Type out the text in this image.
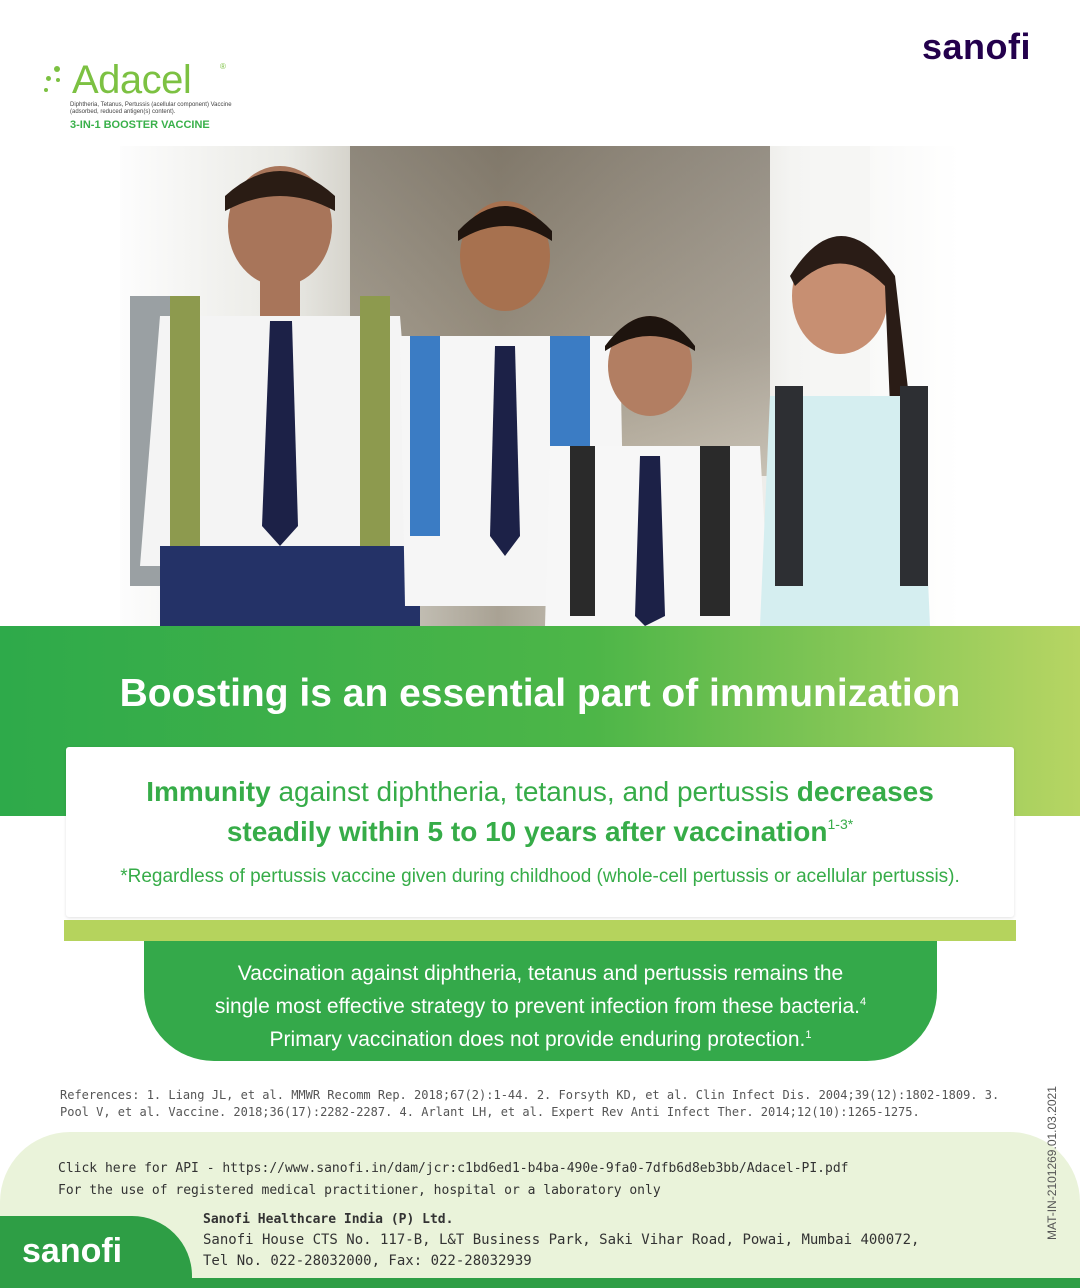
Adacel	®
Diphtheria, Tetanus, Pertussis (acellular component) Vaccine (adsorbed, reduced antigen(s) content).
3-IN-1 BOOSTER VACCINE
sanofi
Boosting is an essential part of immunization
Immunity against diphtheria, tetanus, and pertussis decreases
steadily within 5 to 10 years after vaccination$^{1-3*}$
*Regardless of pertussis vaccine given during childhood (whole-cell pertussis or acellular pertussis).
Vaccination against diphtheria, tetanus and pertussis remains the
single most effective strategy to prevent infection from these bacteria.$^4$
Primary vaccination does not provide enduring protection.$^1$
References: 1. Liang JL, et al. MMWR Recomm Rep. 2018;67(2):1-44. 2. Forsyth KD, et al. Clin Infect Dis. 2004;39(12):1802-1809. 3. Pool V, et al. Vaccine. 2018;36(17):2282-2287. 4. Arlant LH, et al. Expert Rev Anti Infect Ther. 2014;12(10):1265-1275.
Click here for API - https://www.sanofi.in/dam/jcr:c1bd6ed1-b4ba-490e-9fa0-7dfb6d8eb3bb/Adacel-PI.pdf
For the use of registered medical practitioner, hospital or a laboratory only
Sanofi Healthcare India (P) Ltd.
Sanofi House CTS No. 117-B, L&T Business Park, Saki Vihar Road, Powai, Mumbai 400072,
Tel No. 022-28032000, Fax: 022-28032939
sanofi
MAT-IN-2101269.01.03.2021
